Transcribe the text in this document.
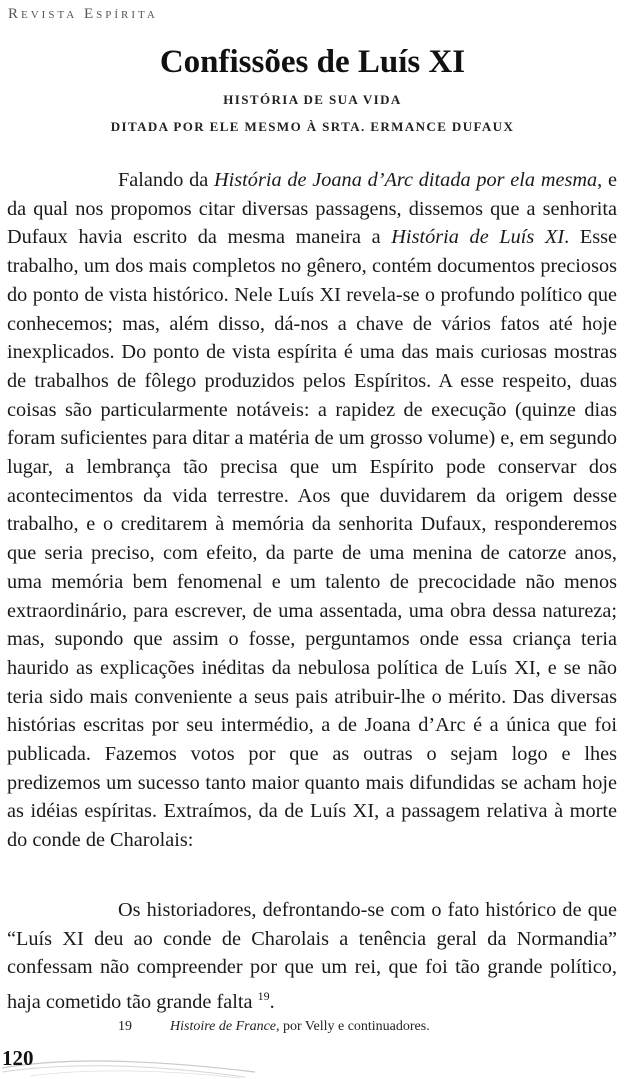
Revista Espírita
Confissões de Luís XI
HISTÓRIA DE SUA VIDA
DITADA POR ELE MESMO À SRTA. ERMANCE DUFAUX

Falando da História de Joana d’Arc ditada por ela mesma, e da qual nos propomos citar diversas passagens, dissemos que a senhorita Dufaux havia escrito da mesma maneira a História de Luís XI. Esse trabalho, um dos mais completos no gênero, contém documentos preciosos do ponto de vista histórico. Nele Luís XI revela-se o profundo político que conhecemos; mas, além disso, dá-nos a chave de vários fatos até hoje inexplicados. Do ponto de vista espírita é uma das mais curiosas mostras de trabalhos de fôlego produzidos pelos Espíritos. A esse respeito, duas coisas são particularmente notáveis: a rapidez de execução (quinze dias foram suficientes para ditar a matéria de um grosso volume) e, em segundo lugar, a lembrança tão precisa que um Espírito pode conservar dos acontecimentos da vida terrestre. Aos que duvidarem da origem desse trabalho, e o creditarem à memória da senhorita Dufaux, responderemos que seria preciso, com efeito, da parte de uma menina de catorze anos, uma memória bem fenomenal e um talento de precocidade não menos extraordinário, para escrever, de uma assentada, uma obra dessa natureza; mas, supondo que assim o fosse, perguntamos onde essa criança teria haurido as explicações inéditas da nebulosa política de Luís XI, e se não teria sido mais conveniente a seus pais atribuir-lhe o mérito. Das diversas histórias escritas por seu intermédio, a de Joana d’Arc é a única que foi publicada. Fazemos votos por que as outras o sejam logo e lhes predizemos um sucesso tanto maior quanto mais difundidas se acham hoje as idéias espíritas. Extraímos, da de Luís XI, a passagem relativa à morte do conde de Charolais:

Os historiadores, defrontando-se com o fato histórico de que “Luís XI deu ao conde de Charolais a tenência geral da Normandia” confessam não compreender por que um rei, que foi tão grande político, haja cometido tão grande falta $^{19}$.

19	Histoire de France, por Velly e continuadores.
120
